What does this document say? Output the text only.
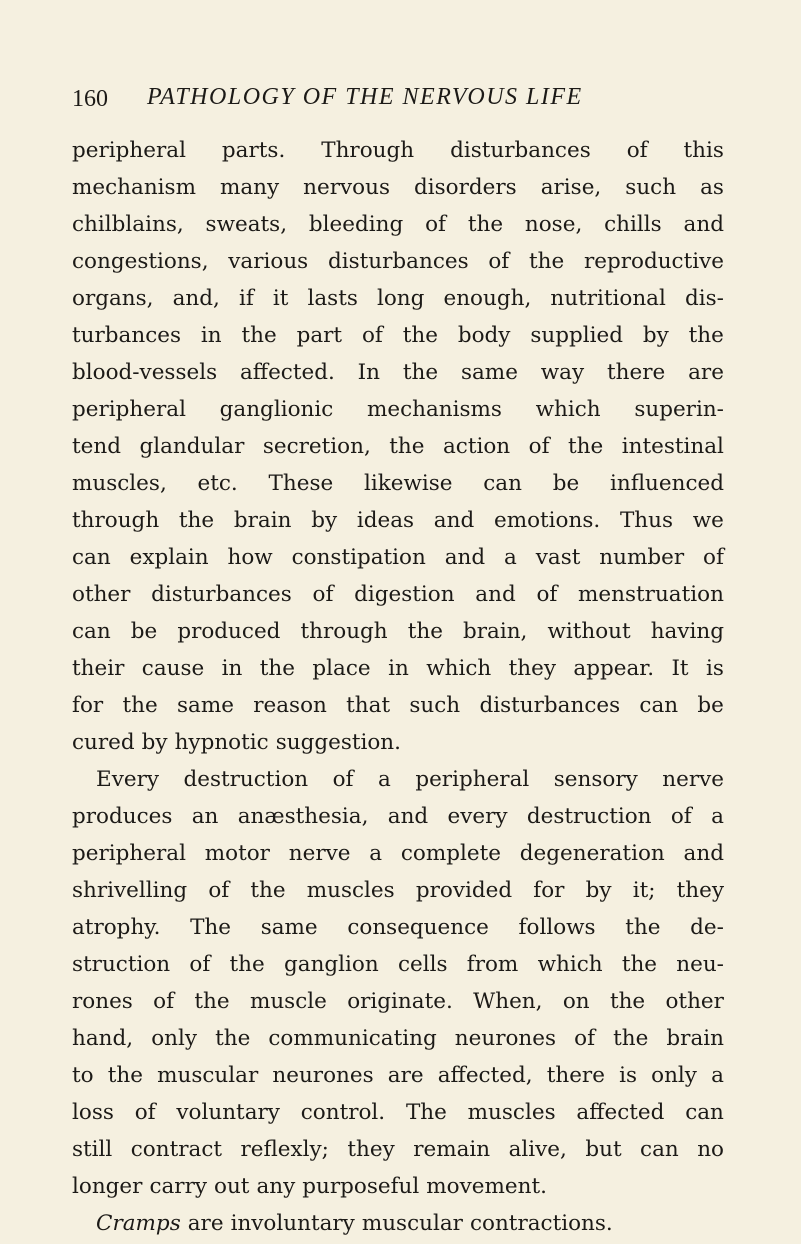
160 PATHOLOGY OF THE NERVOUS LIFE
peripheral parts. Through disturbances of this
mechanism many nervous disorders arise, such as
chilblains, sweats, bleeding of the nose, chills and
congestions, various disturbances of the reproductive
organs, and, if it lasts long enough, nutritional dis-
turbances in the part of the body supplied by the
blood-vessels affected. In the same way there are
peripheral ganglionic mechanisms which superin-
tend glandular secretion, the action of the intestinal
muscles, etc. These likewise can be influenced
through the brain by ideas and emotions. Thus we
can explain how constipation and a vast number of
other disturbances of digestion and of menstruation
can be produced through the brain, without having
their cause in the place in which they appear. It is
for the same reason that such disturbances can be
cured by hypnotic suggestion.
Every destruction of a peripheral sensory nerve
produces an anæsthesia, and every destruction of a
peripheral motor nerve a complete degeneration and
shrivelling of the muscles provided for by it; they
atrophy. The same consequence follows the de-
struction of the ganglion cells from which the neu-
rones of the muscle originate. When, on the other
hand, only the communicating neurones of the brain
to the muscular neurones are affected, there is only a
loss of voluntary control. The muscles affected can
still contract reflexly; they remain alive, but can no
longer carry out any purposeful movement.
Cramps are involuntary muscular contractions.
